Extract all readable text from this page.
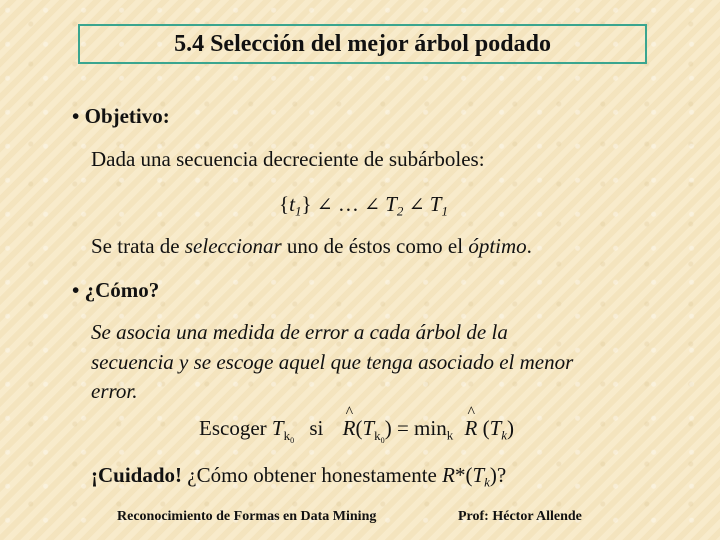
5.4 Selección del mejor árbol podado
• Objetivo:
Dada una secuencia decreciente de subárboles:
$\{t_1\}$ ∠ … ∠ $T_2$ ∠ $T_1$
Se trata de seleccionar uno de éstos como el óptimo.
• ¿Cómo?
Se asocia una medida de error a cada árbol de la
secuencia y se escoge aquel que tenga asociado el menor
error.
Escoger $T_{k_0}$ si ^ $R(T_{k_0}) = \min_k$ ^ R $(T_k)$
¡Cuidado! ¿Cómo obtener honestamente $R*(T_k)$?
Reconocimiento de Formas en Data Mining	Prof: Héctor Allende
